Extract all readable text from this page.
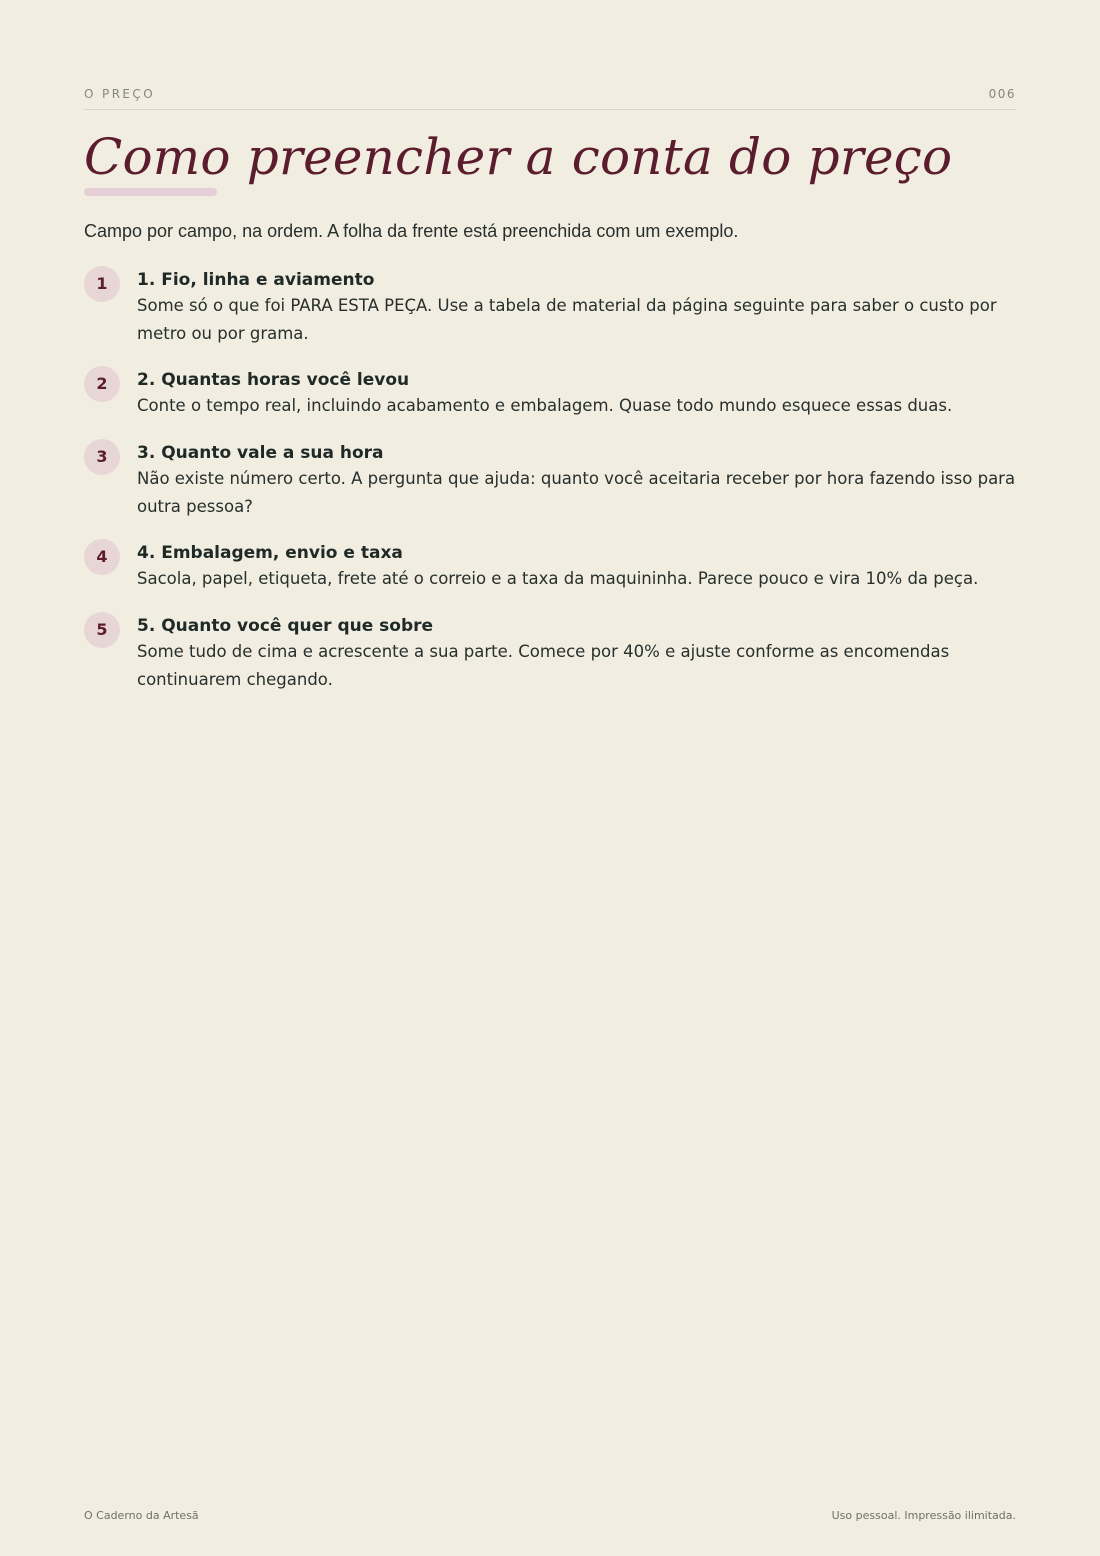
O PREÇO	006
Como preencher a conta do preço

Campo por campo, na ordem. A folha da frente está preenchida com um exemplo.

1	1. Fio, linha e aviamento

Some só o que foi PARA ESTA PEÇA. Use a tabela de material da página seguinte para saber o custo por metro ou por grama.

2	2. Quantas horas você levou

Conte o tempo real, incluindo acabamento e embalagem. Quase todo mundo esquece essas duas.

3	3. Quanto vale a sua hora

Não existe número certo. A pergunta que ajuda: quanto você aceitaria receber por hora fazendo isso para outra pessoa?

4	4. Embalagem, envio e taxa

Sacola, papel, etiqueta, frete até o correio e a taxa da maquininha. Parece pouco e vira 10% da peça.

5	5. Quanto você quer que sobre

Some tudo de cima e acrescente a sua parte. Comece por 40% e ajuste conforme as encomendas continuarem chegando.

O Caderno da Artesã	Uso pessoal. Impressão ilimitada.
